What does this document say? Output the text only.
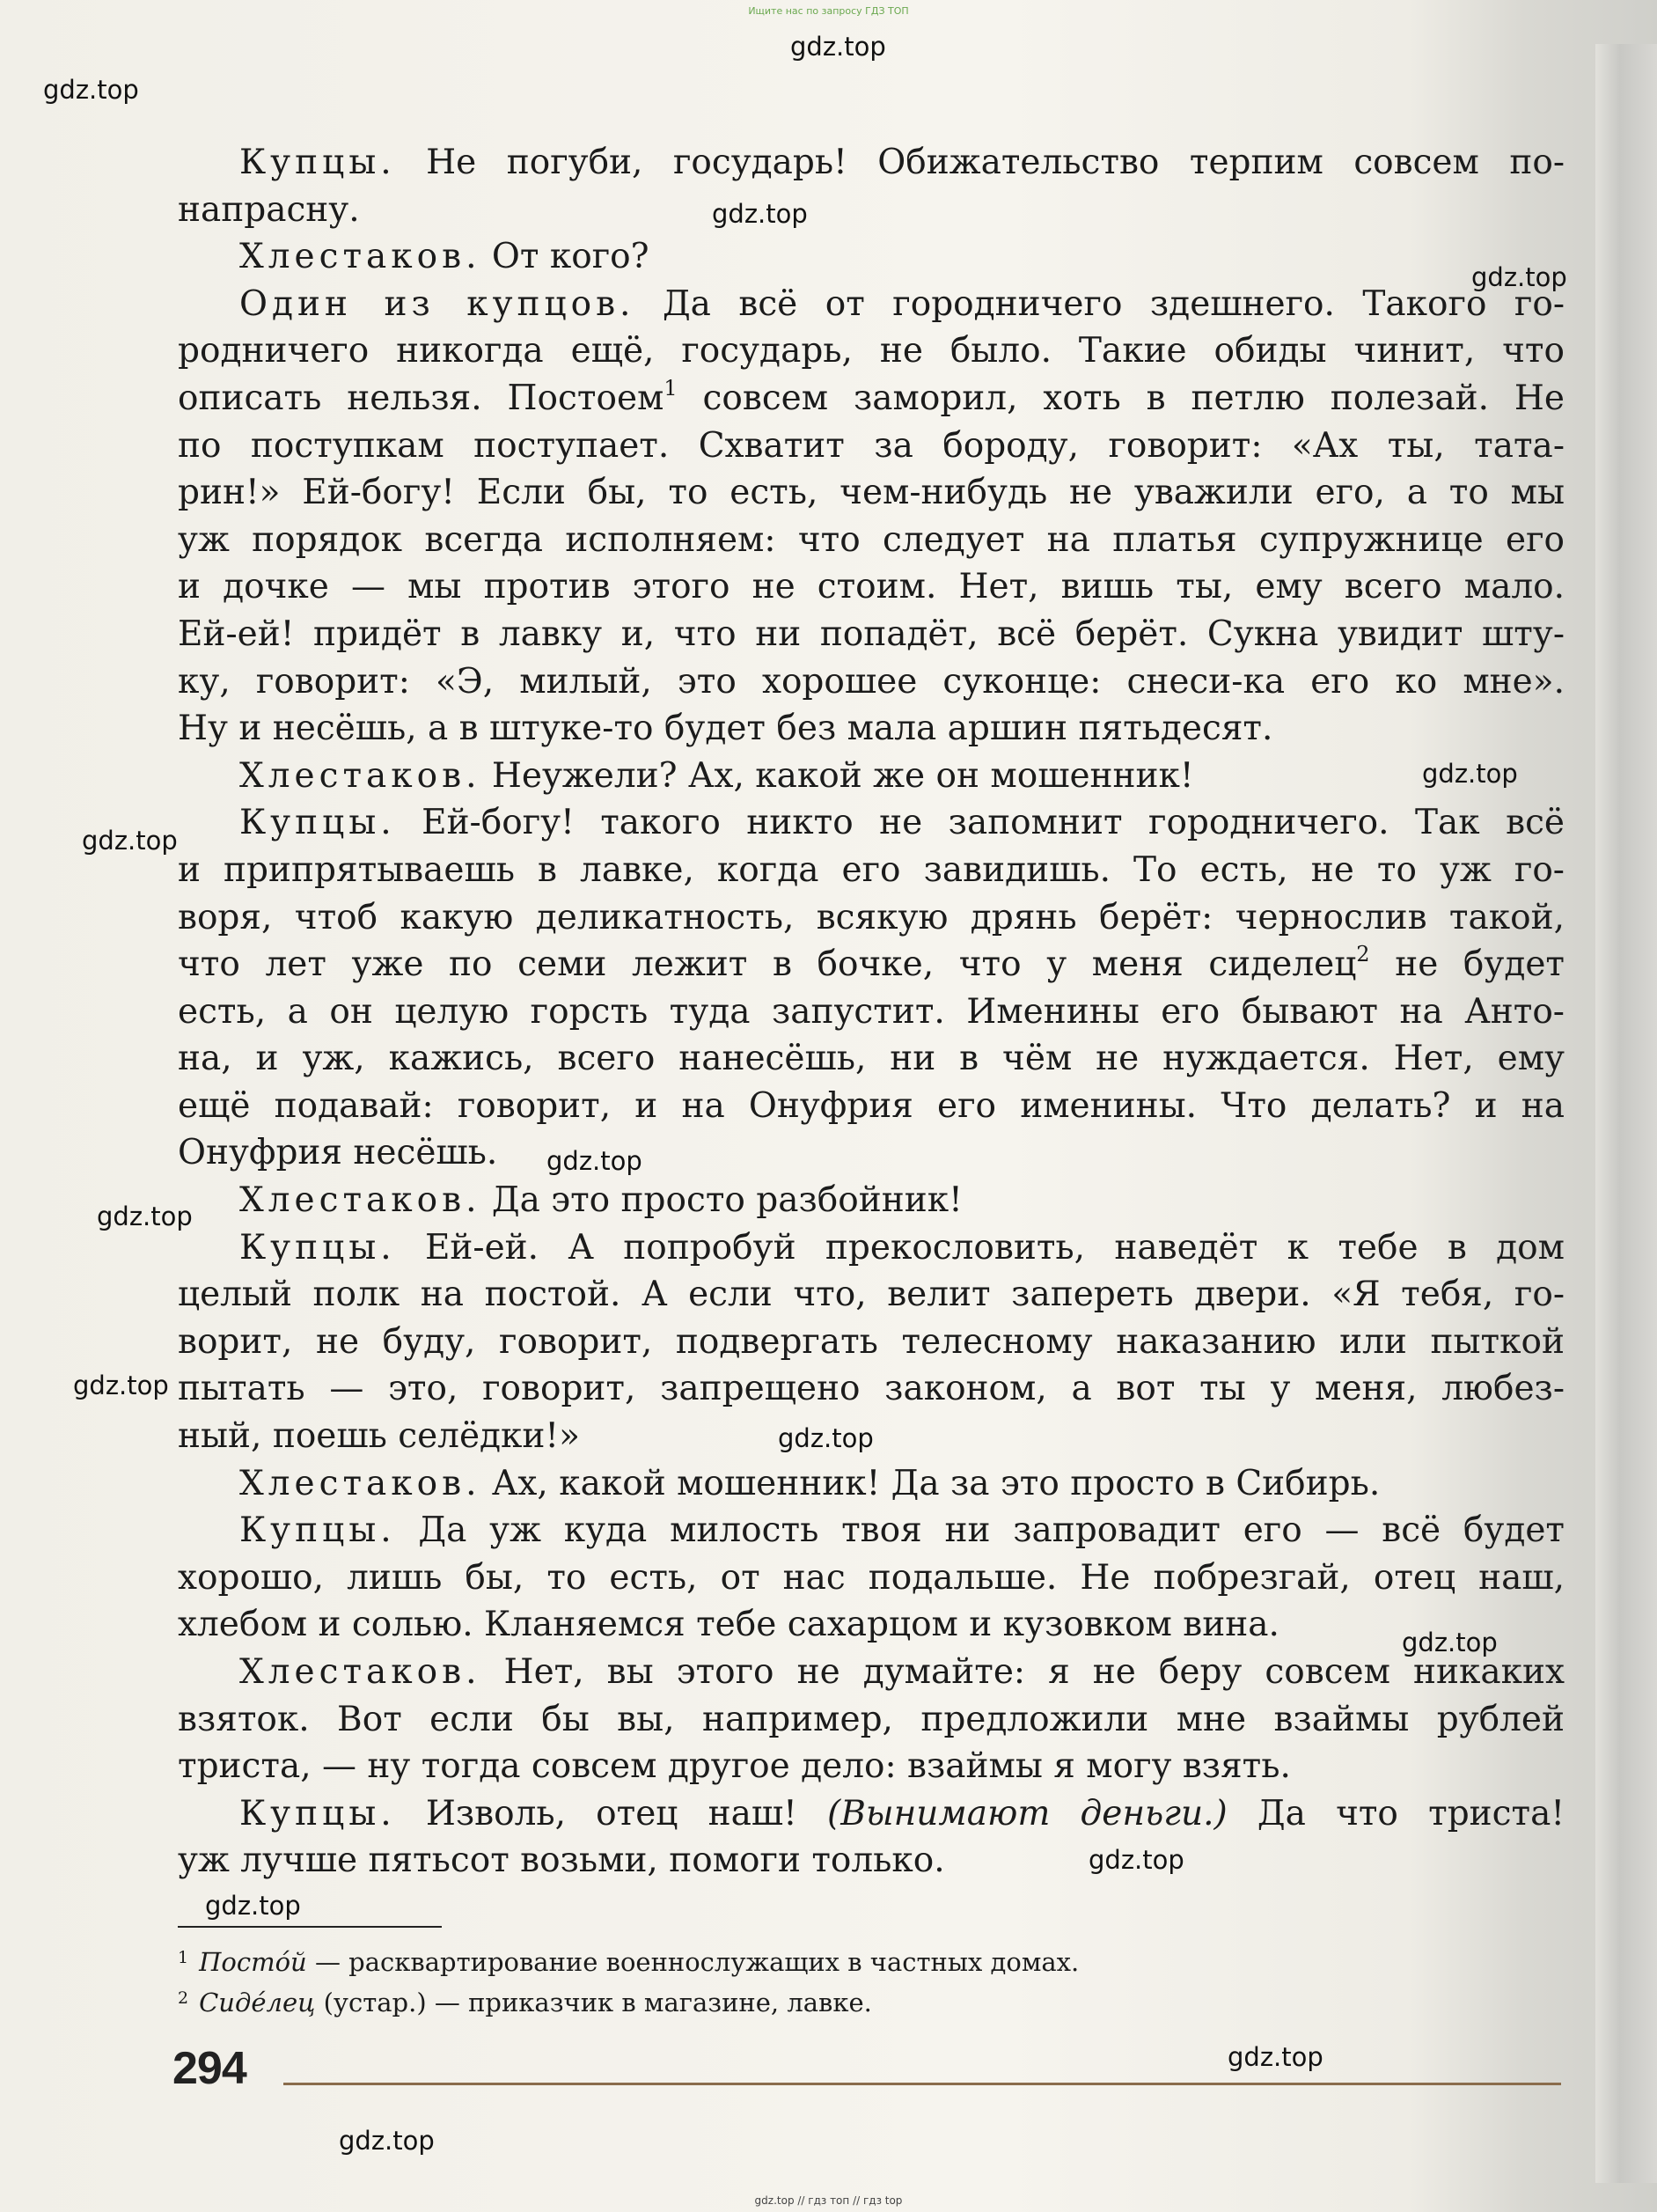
Ищите нас по запросу ГДЗ ТОП
gdz.top
gdz.top
gdz.top
gdz.top
gdz.top
gdz.top
gdz.top
gdz.top
gdz.top
gdz.top
gdz.top
gdz.top
gdz.top
gdz.top
gdz.top
Купцы. Не погуби, государь! Обижательство терпим совсем по-
напрасну.
Хлестаков. От кого?
Один из купцов. Да всё от городничего здешнего. Такого го-
родничего никогда ещё, государь, не было. Такие обиды чинит, что
описать нельзя. Постоем$^1$ совсем заморил, хоть в петлю полезай. Не
по поступкам поступает. Схватит за бороду, говорит: «Ах ты, тата-
рин!» Ей-богу! Если бы, то есть, чем-нибудь не уважили его, а то мы
уж порядок всегда исполняем: что следует на платья супружнице его
и дочке — мы против этого не стоим. Нет, вишь ты, ему всего мало.
Ей-ей! придёт в лавку и, что ни попадёт, всё берёт. Сукна увидит шту-
ку, говорит: «Э, милый, это хорошее суконце: снеси-ка его ко мне».
Ну и несёшь, а в штуке-то будет без мала аршин пятьдесят.
Хлестаков. Неужели? Ах, какой же он мошенник!
Купцы. Ей-богу! такого никто не запомнит городничего. Так всё
и припрятываешь в лавке, когда его завидишь. То есть, не то уж го-
воря, чтоб какую деликатность, всякую дрянь берёт: чернослив такой,
что лет уже по семи лежит в бочке, что у меня сиделец$^2$ не будет
есть, а он целую горсть туда запустит. Именины его бывают на Анто-
на, и уж, кажись, всего нанесёшь, ни в чём не нуждается. Нет, ему
ещё подавай: говорит, и на Онуфрия его именины. Что делать? и на
Онуфрия несёшь.
Хлестаков. Да это просто разбойник!
Купцы. Ей-ей. А попробуй прекословить, наведёт к тебе в дом
целый полк на постой. А если что, велит запереть двери. «Я тебя, го-
ворит, не буду, говорит, подвергать телесному наказанию или пыткой
пытать — это, говорит, запрещено законом, а вот ты у меня, любез-
ный, поешь селёдки!»
Хлестаков. Ах, какой мошенник! Да за это просто в Сибирь.
Купцы. Да уж куда милость твоя ни запровадит его — всё будет
хорошо, лишь бы, то есть, от нас подальше. Не побрезгай, отец наш,
хлебом и солью. Кланяемся тебе сахарцом и кузовком вина.
Хлестаков. Нет, вы этого не думайте: я не беру совсем никаких
взяток. Вот если бы вы, например, предложили мне взаймы рублей
триста, — ну тогда совсем другое дело: взаймы я могу взять.
Купцы. Изволь, отец наш! (Вынимают деньги.) Да что триста!
уж лучше пятьсот возьми, помоги только.
$^1$ Посто́й — расквартирование военнослужащих в частных домах.
$^2$ Сиде́лец (устар.) — приказчик в магазине, лавке.
294
gdz.top // гдз топ // гдз top
